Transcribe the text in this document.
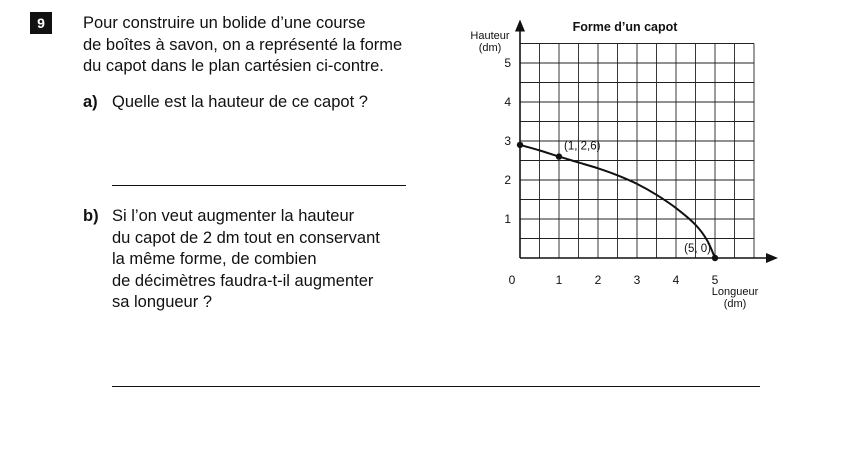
9	Pour construire un bolide d’une course
de boîtes à savon, on a représenté la forme
du capot dans le plan cartésien ci-contre.
a) Quelle est la hauteur de ce capot ?
b) Si l’on veut augmenter la hauteur
du capot de 2 dm tout en conservant
la même forme, de combien
de décimètres faudra-t-il augmenter
sa longueur ?
Forme d’un capot
Hauteur
(dm)
Longueur
(dm)
0	1	2	3	4	5
1
2
3
4
5
(1, 2,6)
(5, 0)
